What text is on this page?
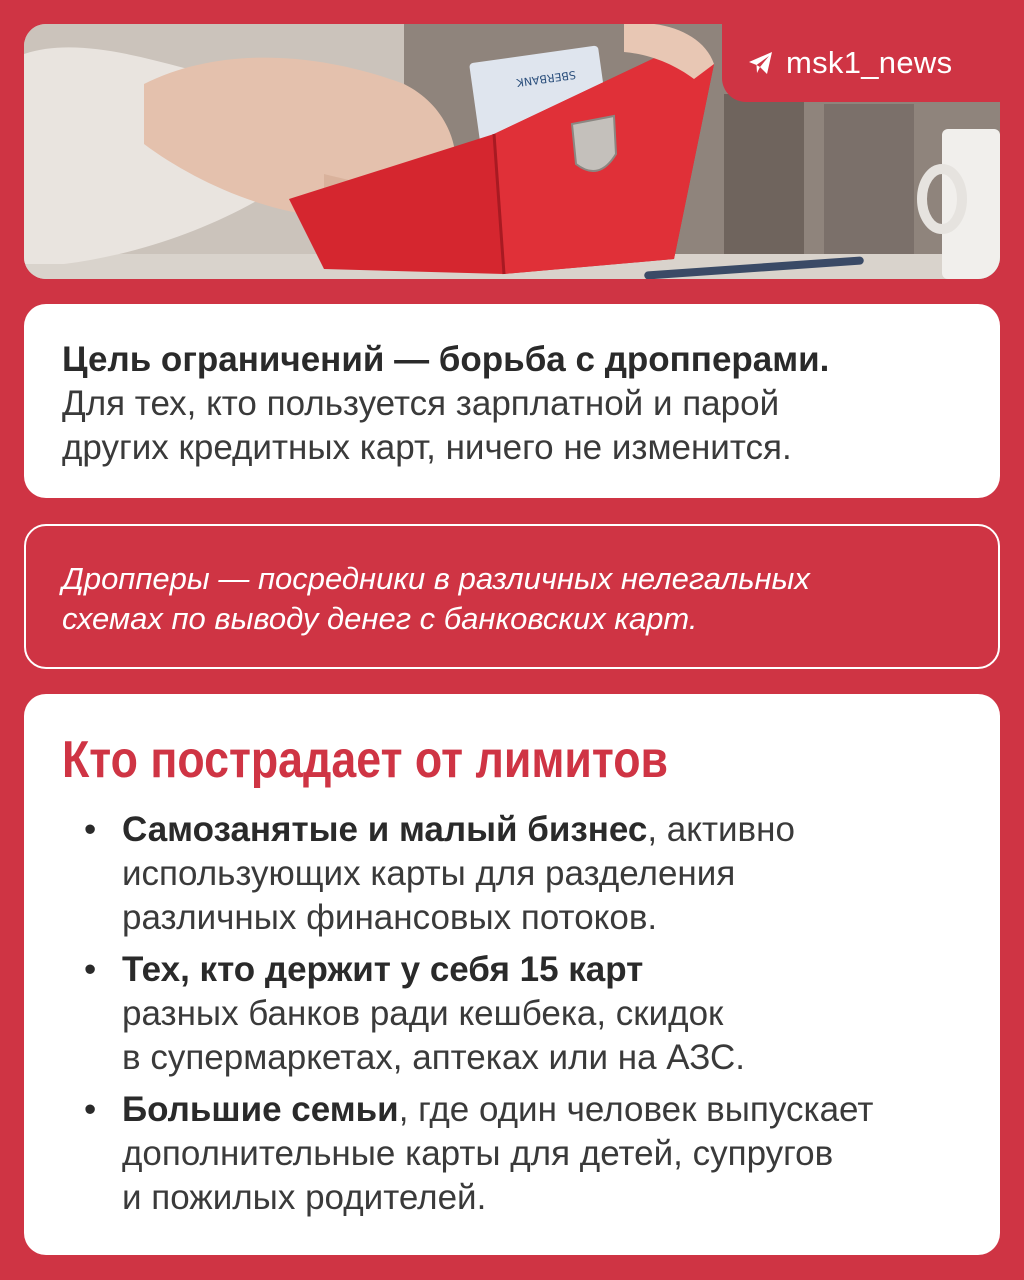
SBERBANK	msk1_news
Цель ограничений — борьба с дропперами.
Для тех, кто пользуется зарплатной и парой
других кредитных карт, ничего не изменится.
Дропперы — посредники в различных нелегальных
схемах по выводу денег с банковских карт.
Кто пострадает от лимитов
• Самозанятые и малый бизнес, активно
использующих карты для разделения
различных финансовых потоков.
• Тех, кто держит у себя 15 карт
разных банков ради кешбека, скидок
в супермаркетах, аптеках или на АЗС.
• Большие семьи, где один человек выпускает
дополнительные карты для детей, супругов
и пожилых родителей.
